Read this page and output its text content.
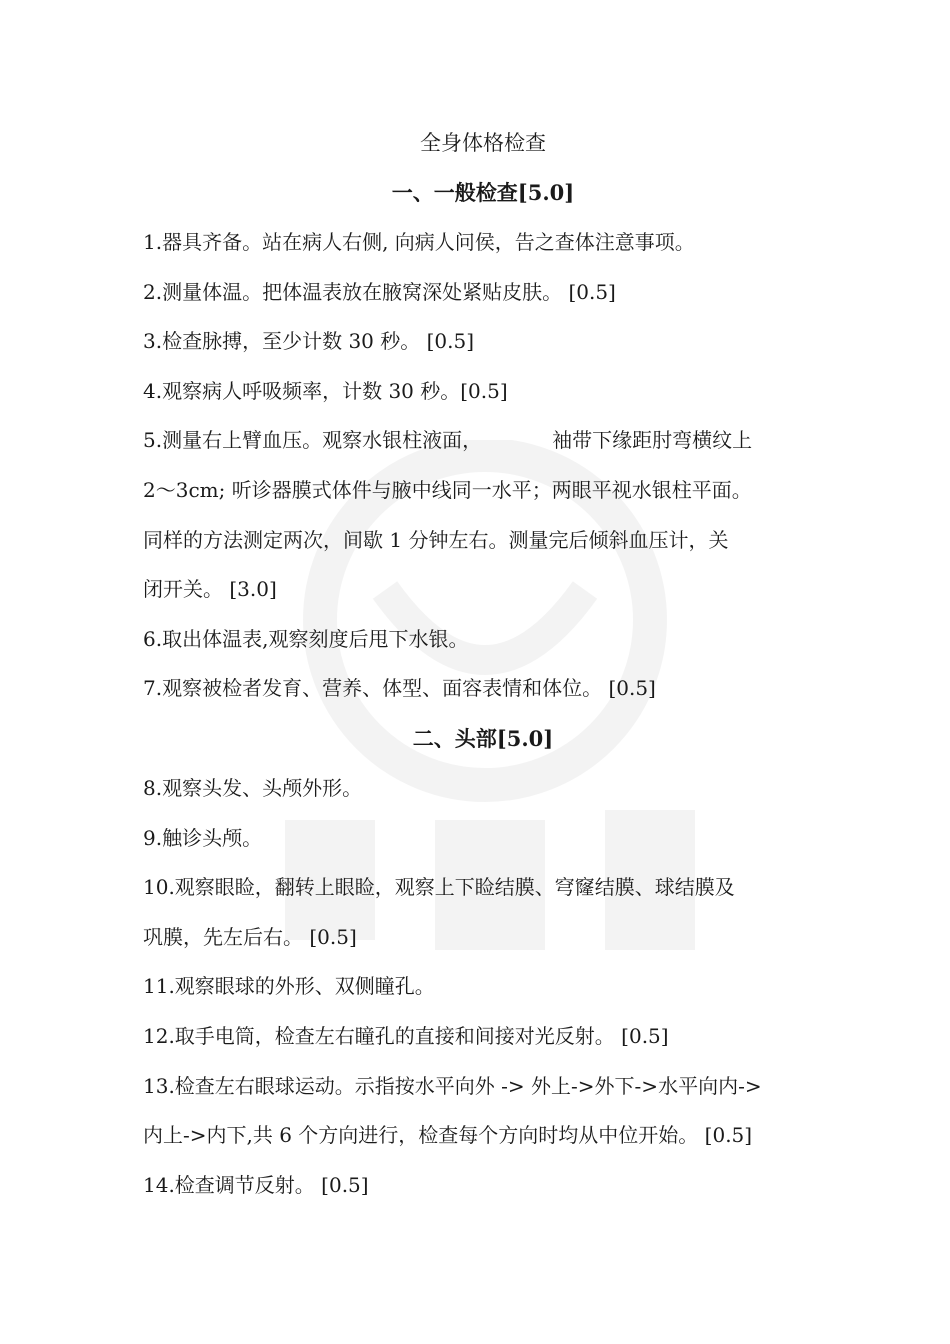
全身体格检查
一、一般检查[5.0]

1.器具齐备。站在病人右侧, 向病人问侯，告之查体注意事项。

2.测量体温。把体温表放在腋窝深处紧贴皮肤。 [0.5]

3.检查脉搏，至少计数 30 秒。 [0.5]

4.观察病人呼吸频率，计数 30 秒。[0.5]

5.测量右上臂血压。观察水银柱液面，	袖带下缘距肘弯横纹上

2～3cm; 听诊器膜式体件与腋中线同一水平；两眼平视水银柱平面。

同样的方法测定两次，间歇 1 分钟左右。测量完后倾斜血压计，关

闭开关。 [3.0]

6.取出体温表,观察刻度后甩下水银。

7.观察被检者发育、营养、体型、面容表情和体位。 [0.5]

二、头部[5.0]

8.观察头发、头颅外形。

9.触诊头颅。

10.观察眼睑，翻转上眼睑，观察上下睑结膜、穹窿结膜、球结膜及

巩膜，先左后右。 [0.5]

11.观察眼球的外形、双侧瞳孔。

12.取手电筒，检查左右瞳孔的直接和间接对光反射。 [0.5]

13.检查左右眼球运动。示指按水平向外 -> 外上->外下->水平向内->

内上->内下,共 6 个方向进行，检查每个方向时均从中位开始。 [0.5]

14.检查调节反射。 [0.5]
